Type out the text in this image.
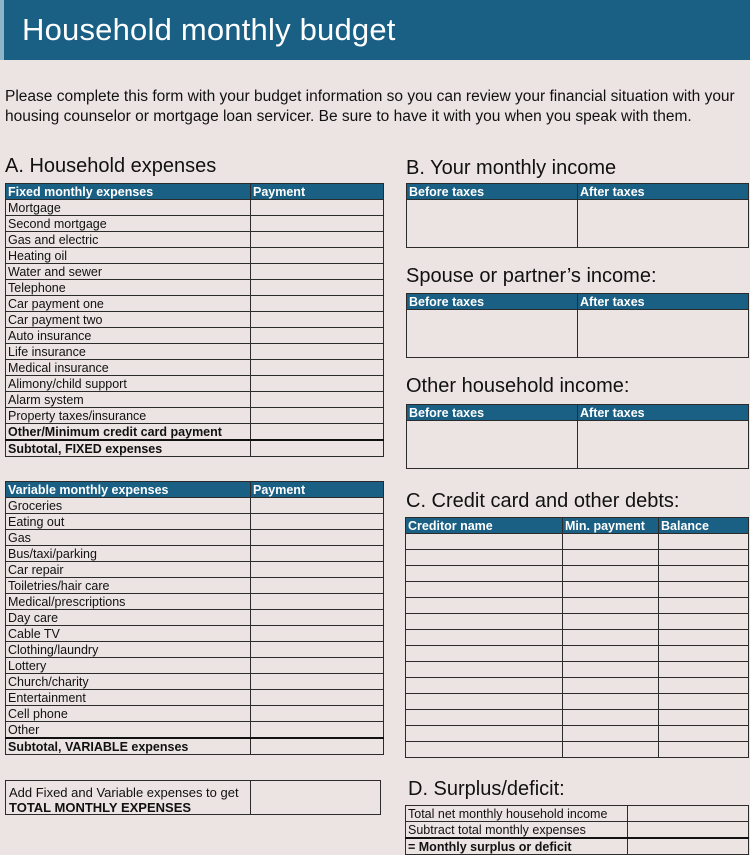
Household monthly budget

Please complete this form with your budget information so you can review your financial situation with your housing counselor or mortgage loan servicer. Be sure to have it with you when you speak with them.

A. Household expenses
Fixed monthly expenses	Payment
Mortgage	
Second mortgage	
Gas and electric	
Heating oil	
Water and sewer	
Telephone	
Car payment one	
Car payment two	
Auto insurance	
Life insurance	
Medical insurance	
Alimony/child support	
Alarm system	
Property taxes/insurance	
Other/Minimum credit card payment	
Subtotal, FIXED expenses	
Variable monthly expenses	Payment
Groceries	
Eating out	
Gas	
Bus/taxi/parking	
Car repair	
Toiletries/hair care	
Medical/prescriptions	
Day care	
Cable TV	
Clothing/laundry	
Lottery	
Church/charity	
Entertainment	
Cell phone	
Other	
Subtotal, VARIABLE expenses	
Add Fixed and Variable expenses to get
TOTAL MONTHLY EXPENSES
B. Your monthly income
Before taxes	After taxes

Spouse or partner’s income:
Before taxes	After taxes

Other household income:
Before taxes	After taxes

C. Credit card and other debts:
Creditor name	Min. payment	Balance

D. Surplus/deficit:
Total net monthly household income	
Subtract total monthly expenses	
= Monthly surplus or deficit	
